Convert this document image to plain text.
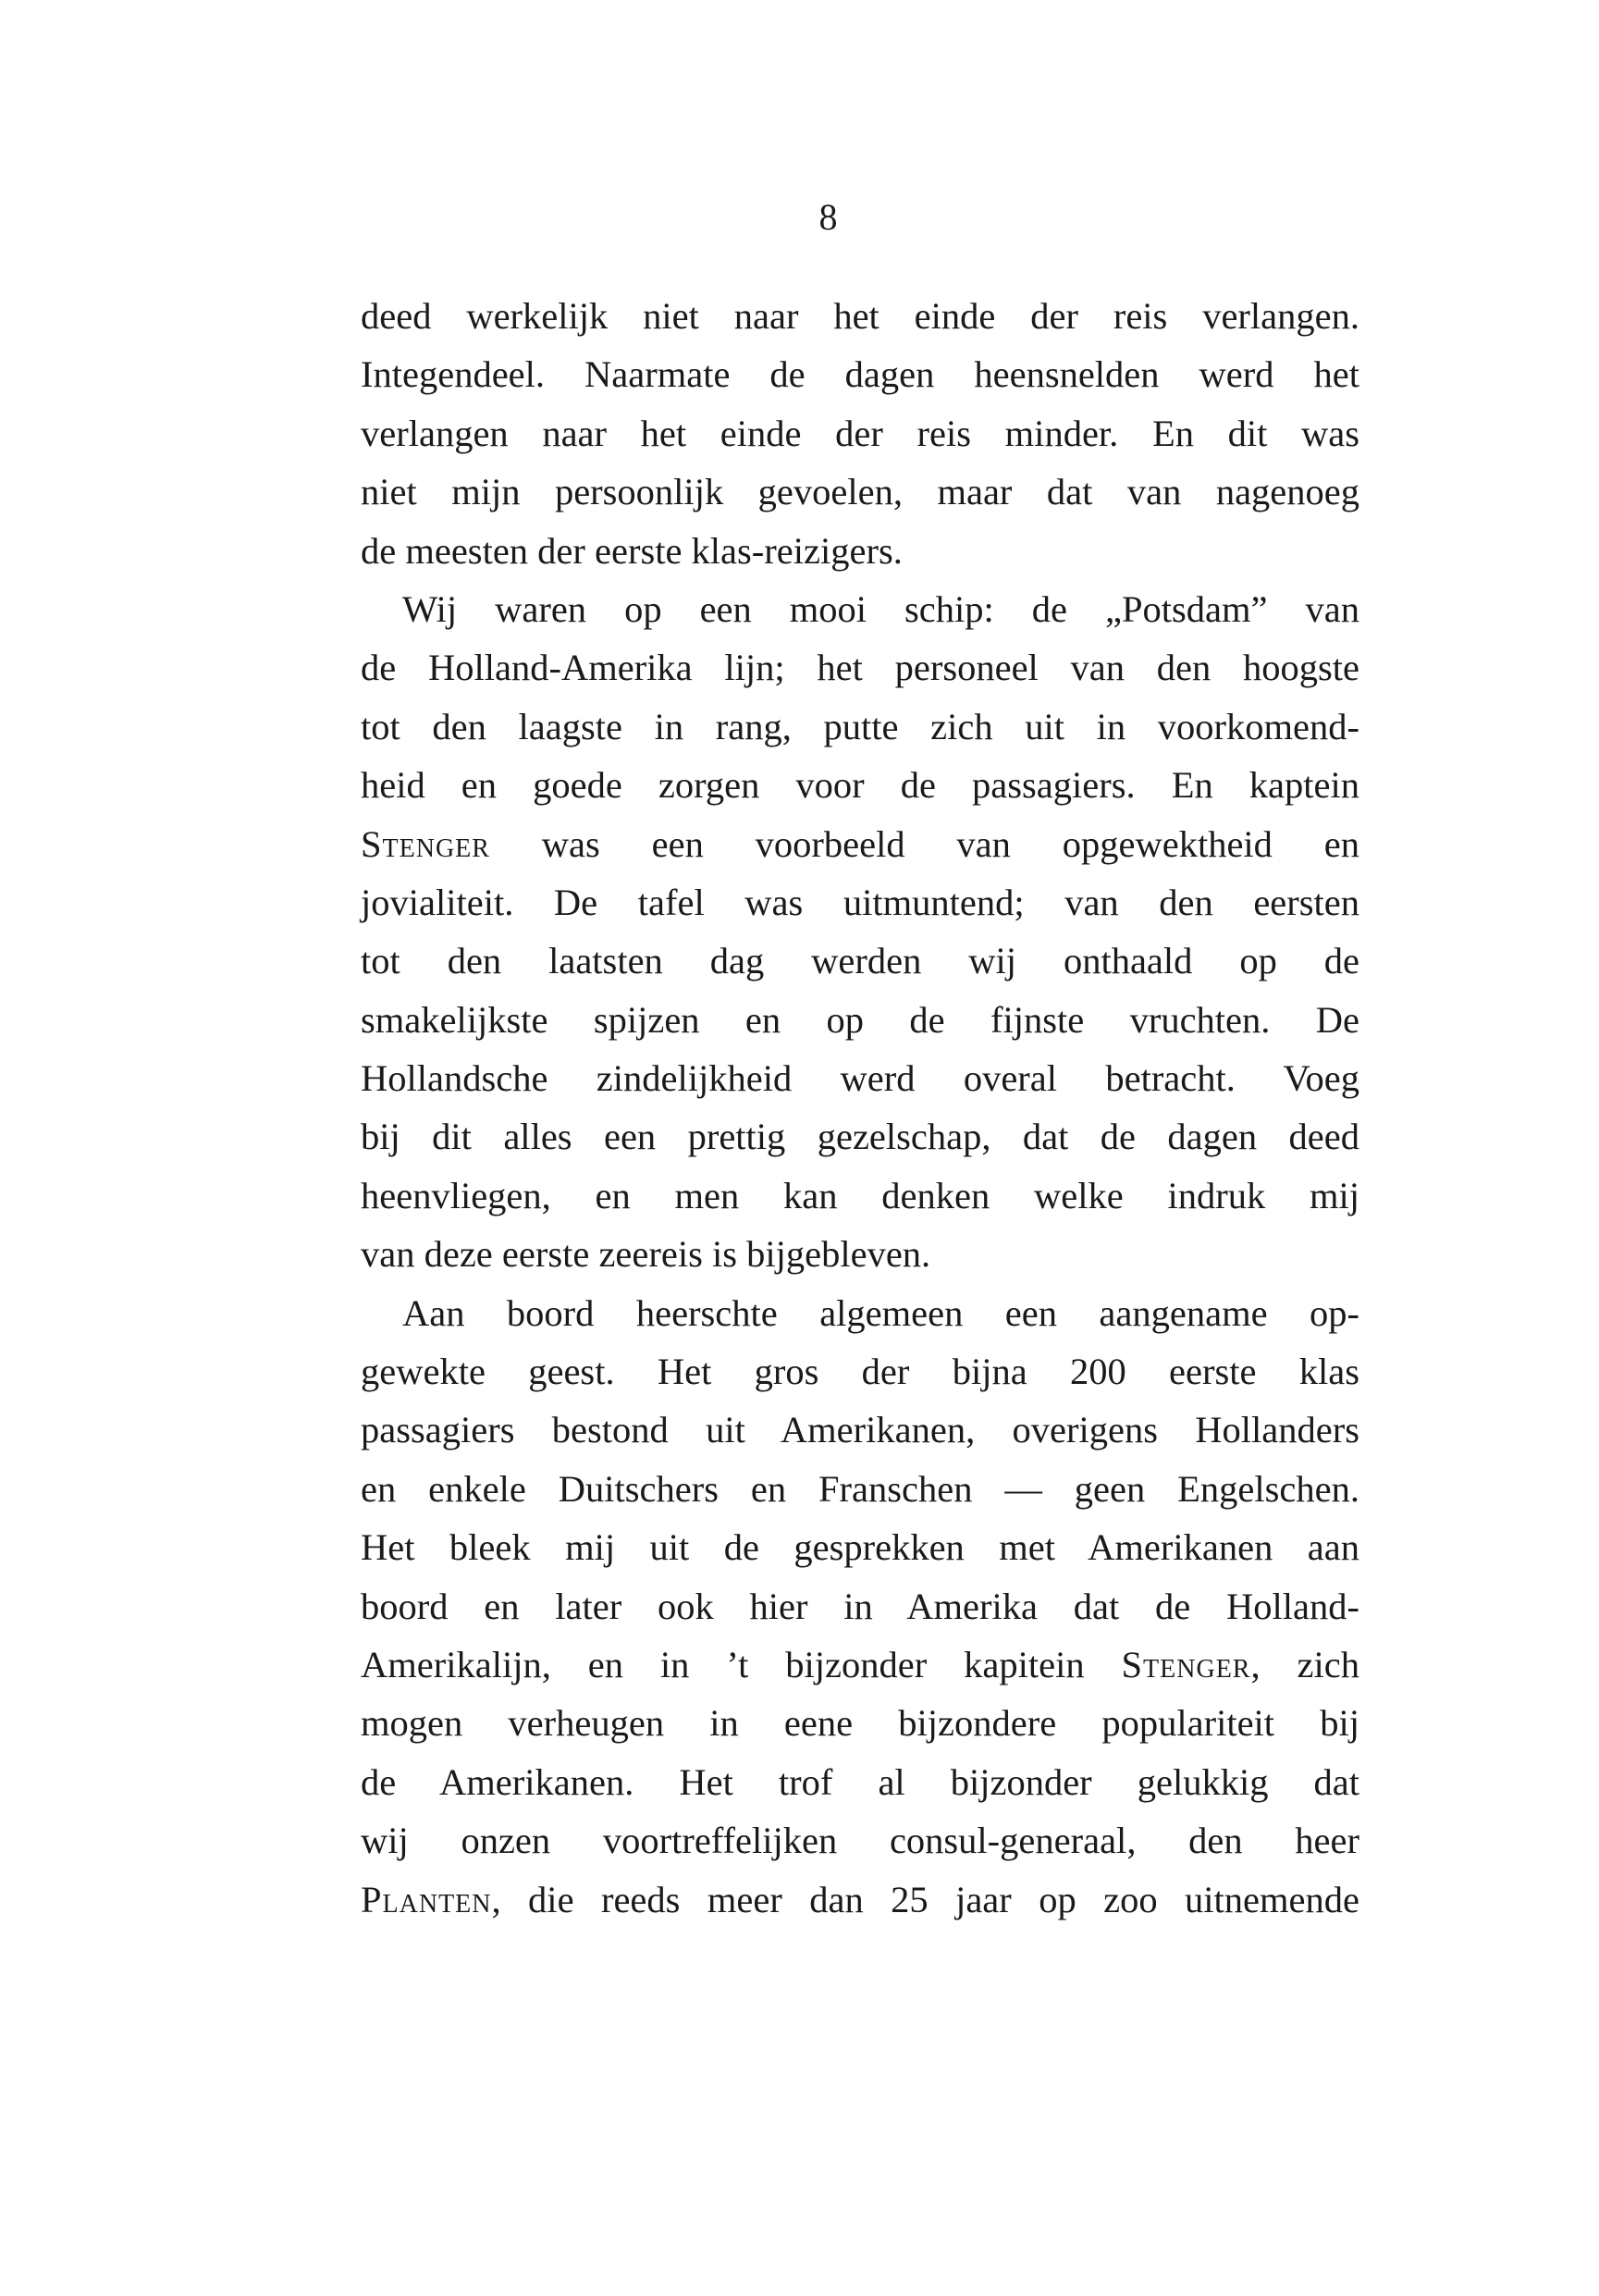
8
deed werkelijk niet naar het einde der reis verlangen.
Integendeel. Naarmate de dagen heensnelden werd het
verlangen naar het einde der reis minder. En dit was
niet mijn persoonlijk gevoelen, maar dat van nagenoeg
de meesten der eerste klas-reizigers.
Wij waren op een mooi schip: de „Potsdam” van
de Holland-Amerika lijn; het personeel van den hoogste
tot den laagste in rang, putte zich uit in voorkomend-
heid en goede zorgen voor de passagiers. En kaptein
Stenger was een voorbeeld van opgewektheid en
jovialiteit. De tafel was uitmuntend; van den eersten
tot den laatsten dag werden wij onthaald op de
smakelijkste spijzen en op de fijnste vruchten. De
Hollandsche zindelijkheid werd overal betracht. Voeg
bij dit alles een prettig gezelschap, dat de dagen deed
heenvliegen, en men kan denken welke indruk mij
van deze eerste zeereis is bijgebleven.
Aan boord heerschte algemeen een aangename op-
gewekte geest. Het gros der bijna 200 eerste klas
passagiers bestond uit Amerikanen, overigens Hollanders
en enkele Duitschers en Franschen — geen Engelschen.
Het bleek mij uit de gesprekken met Amerikanen aan
boord en later ook hier in Amerika dat de Holland-
Amerikalijn, en in ’t bijzonder kapitein Stenger, zich
mogen verheugen in eene bijzondere populariteit bij
de Amerikanen. Het trof al bijzonder gelukkig dat
wij onzen voortreffelijken consul-generaal, den heer
Planten, die reeds meer dan 25 jaar op zoo uitnemende
